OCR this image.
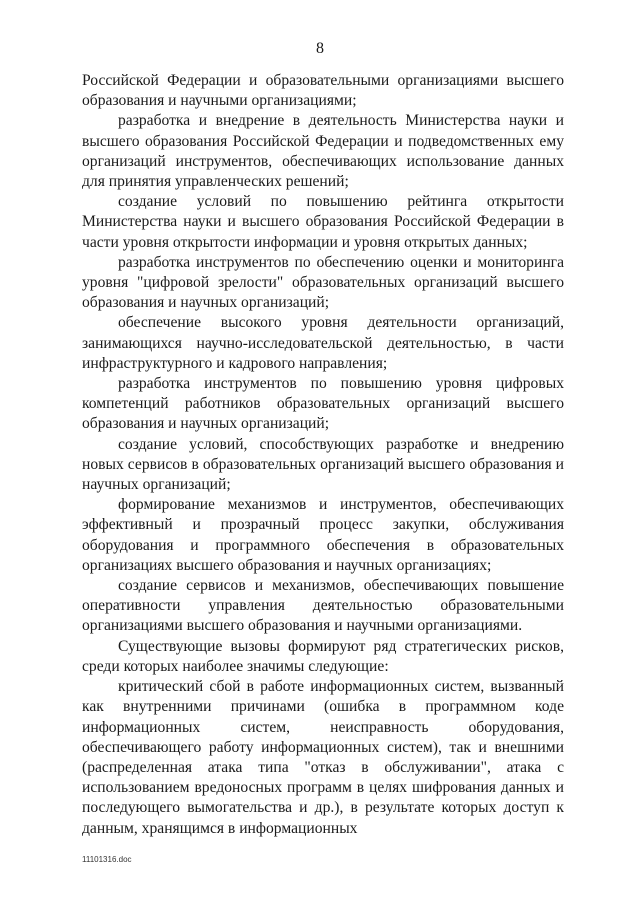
8

Российской Федерации и образовательными организациями высшего образования и научными организациями;

разработка и внедрение в деятельность Министерства науки и высшего образования Российской Федерации и подведомственных ему организаций инструментов, обеспечивающих использование данных для принятия управленческих решений;

создание условий по повышению рейтинга открытости Министерства науки и высшего образования Российской Федерации в части уровня открытости информации и уровня открытых данных;

разработка инструментов по обеспечению оценки и мониторинга уровня "цифровой зрелости" образовательных организаций высшего образования и научных организаций;

обеспечение высокого уровня деятельности организаций, занимающихся научно-исследовательской деятельностью, в части инфраструктурного и кадрового направления;

разработка инструментов по повышению уровня цифровых компетенций работников образовательных организаций высшего образования и научных организаций;

создание условий, способствующих разработке и внедрению новых сервисов в образовательных организаций высшего образования и научных организаций;

формирование механизмов и инструментов, обеспечивающих эффективный и прозрачный процесс закупки, обслуживания оборудования и программного обеспечения в образовательных организациях высшего образования и научных организациях;

создание сервисов и механизмов, обеспечивающих повышение оперативности управления деятельностью образовательными организациями высшего образования и научными организациями.

Существующие вызовы формируют ряд стратегических рисков, среди которых наиболее значимы следующие:

критический сбой в работе информационных систем, вызванный как внутренними причинами (ошибка в программном коде информационных систем, неисправность оборудования, обеспечивающего работу информационных систем), так и внешними (распределенная атака типа "отказ в обслуживании", атака с использованием вредоносных программ в целях шифрования данных и последующего вымогательства и др.), в результате которых доступ к данным, хранящимся в информационных

11101316.doc
